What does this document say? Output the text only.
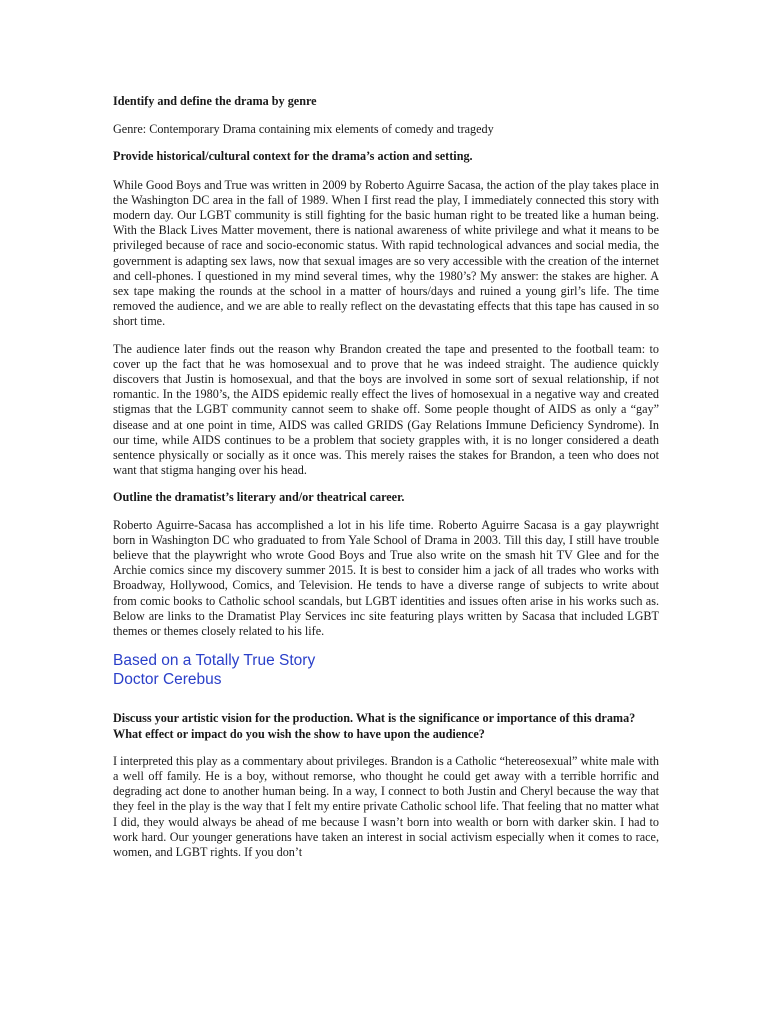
Identify and define the drama by genre

Genre: Contemporary Drama containing mix elements of comedy and tragedy

Provide historical/cultural context for the drama’s action and setting.

While Good Boys and True was written in 2009 by Roberto Aguirre Sacasa, the action of the play takes place in the Washington DC area in the fall of 1989. When I first read the play, I immediately connected this story with modern day. Our LGBT community is still fighting for the basic human right to be treated like a human being. With the Black Lives Matter movement, there is national awareness of white privilege and what it means to be privileged because of race and socio-economic status. With rapid technological advances and social media, the government is adapting sex laws, now that sexual images are so very accessible with the creation of the internet and cell-phones. I questioned in my mind several times, why the 1980’s? My answer: the stakes are higher. A sex tape making the rounds at the school in a matter of hours/days and ruined a young girl’s life. The time removed the audience, and we are able to really reflect on the devastating effects that this tape has caused in so short time.

The audience later finds out the reason why Brandon created the tape and presented to the football team: to cover up the fact that he was homosexual and to prove that he was indeed straight. The audience quickly discovers that Justin is homosexual, and that the boys are involved in some sort of sexual relationship, if not romantic. In the 1980’s, the AIDS epidemic really effect the lives of homosexual in a negative way and created stigmas that the LGBT community cannot seem to shake off. Some people thought of AIDS as only a “gay” disease and at one point in time, AIDS was called GRIDS (Gay Relations Immune Deficiency Syndrome). In our time, while AIDS continues to be a problem that society grapples with, it is no longer considered a death sentence physically or socially as it once was. This merely raises the stakes for Brandon, a teen who does not want that stigma hanging over his head.

Outline the dramatist’s literary and/or theatrical career.

Roberto Aguirre-Sacasa has accomplished a lot in his life time. Roberto Aguirre Sacasa is a gay playwright born in Washington DC who graduated to from Yale School of Drama in 2003. Till this day, I still have trouble believe that the playwright who wrote Good Boys and True also write on the smash hit TV Glee and for the Archie comics since my discovery summer 2015. It is best to consider him a jack of all trades who works with Broadway, Hollywood, Comics, and Television. He tends to have a diverse range of subjects to write about from comic books to Catholic school scandals, but LGBT identities and issues often arise in his works such as. Below are links to the Dramatist Play Services inc site featuring plays written by Sacasa that included LGBT themes or themes closely related to his life.

Based on a Totally True Story
Doctor Cerebus

Discuss your artistic vision for the production. What is the significance or importance of this drama? What effect or impact do you wish the show to have upon the audience?

I interpreted this play as a commentary about privileges. Brandon is a Catholic “hetereosexual” white male with a well off family. He is a boy, without remorse, who thought he could get away with a terrible horrific and degrading act done to another human being. In a way, I connect to both Justin and Cheryl because the way that they feel in the play is the way that I felt my entire private Catholic school life. That feeling that no matter what I did, they would always be ahead of me because I wasn’t born into wealth or born with darker skin. I had to work hard. Our younger generations have taken an interest in social activism especially when it comes to race, women, and LGBT rights. If you don’t
